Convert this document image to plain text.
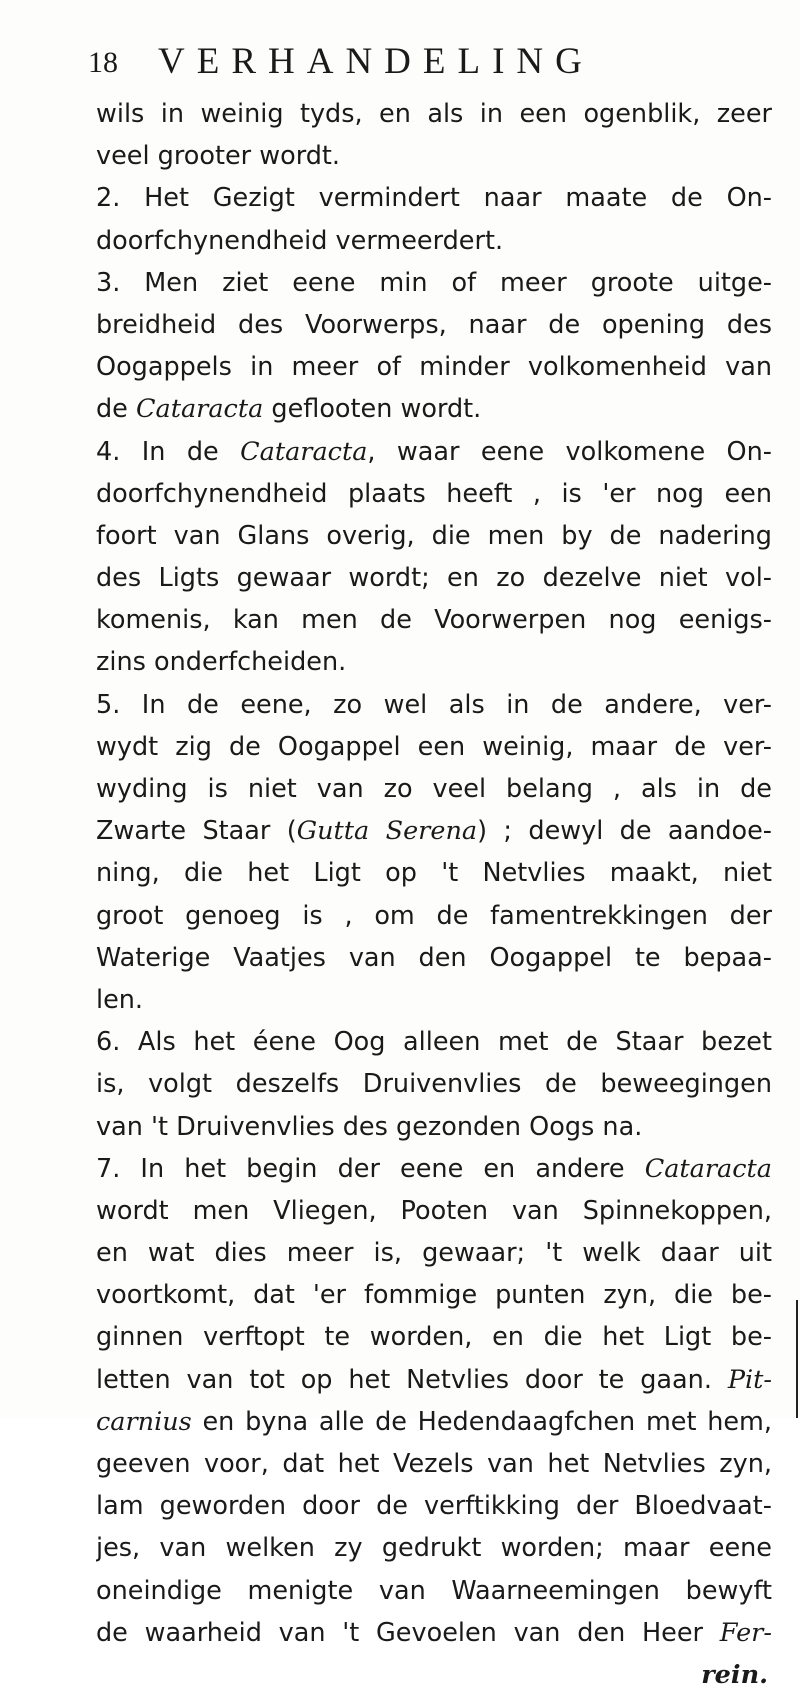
18 VERHANDELING
wils in weinig tyds, en als in een ogenblik, zeer
veel grooter wordt.
2. Het Gezigt vermindert naar maate de On-
doorfchynendheid vermeerdert.
3. Men ziet eene min of meer groote uitge-
breidheid des Voorwerps, naar de opening des
Oogappels in meer of minder volkomenheid van
de Cataracta geflooten wordt.
4. In de Cataracta, waar eene volkomene On-
doorfchynendheid plaats heeft , is 'er nog een
foort van Glans overig, die men by de nadering
des Ligts gewaar wordt; en zo dezelve niet vol-
komenis, kan men de Voorwerpen nog eenigs-
zins onderfcheiden.
5. In de eene, zo wel als in de andere, ver-
wydt zig de Oogappel een weinig, maar de ver-
wyding is niet van zo veel belang , als in de
Zwarte Staar (Gutta Serena) ; dewyl de aandoe-
ning, die het Ligt op 't Netvlies maakt, niet
groot genoeg is , om de famentrekkingen der
Waterige Vaatjes van den Oogappel te bepaa-
len.
6. Als het éene Oog alleen met de Staar bezet
is, volgt deszelfs Druivenvlies de beweegingen
van 't Druivenvlies des gezonden Oogs na.
7. In het begin der eene en andere Cataracta
wordt men Vliegen, Pooten van Spinnekoppen,
en wat dies meer is, gewaar; 't welk daar uit
voortkomt, dat 'er fommige punten zyn, die be-
ginnen verftopt te worden, en die het Ligt be-
letten van tot op het Netvlies door te gaan. Pit-
carnius en byna alle de Hedendaagfchen met hem,
geeven voor, dat het Vezels van het Netvlies zyn,
lam geworden door de verftikking der Bloedvaat-
jes, van welken zy gedrukt worden; maar eene
oneindige menigte van Waarneemingen bewyft
de waarheid van 't Gevoelen van den Heer Fer-
rein.
